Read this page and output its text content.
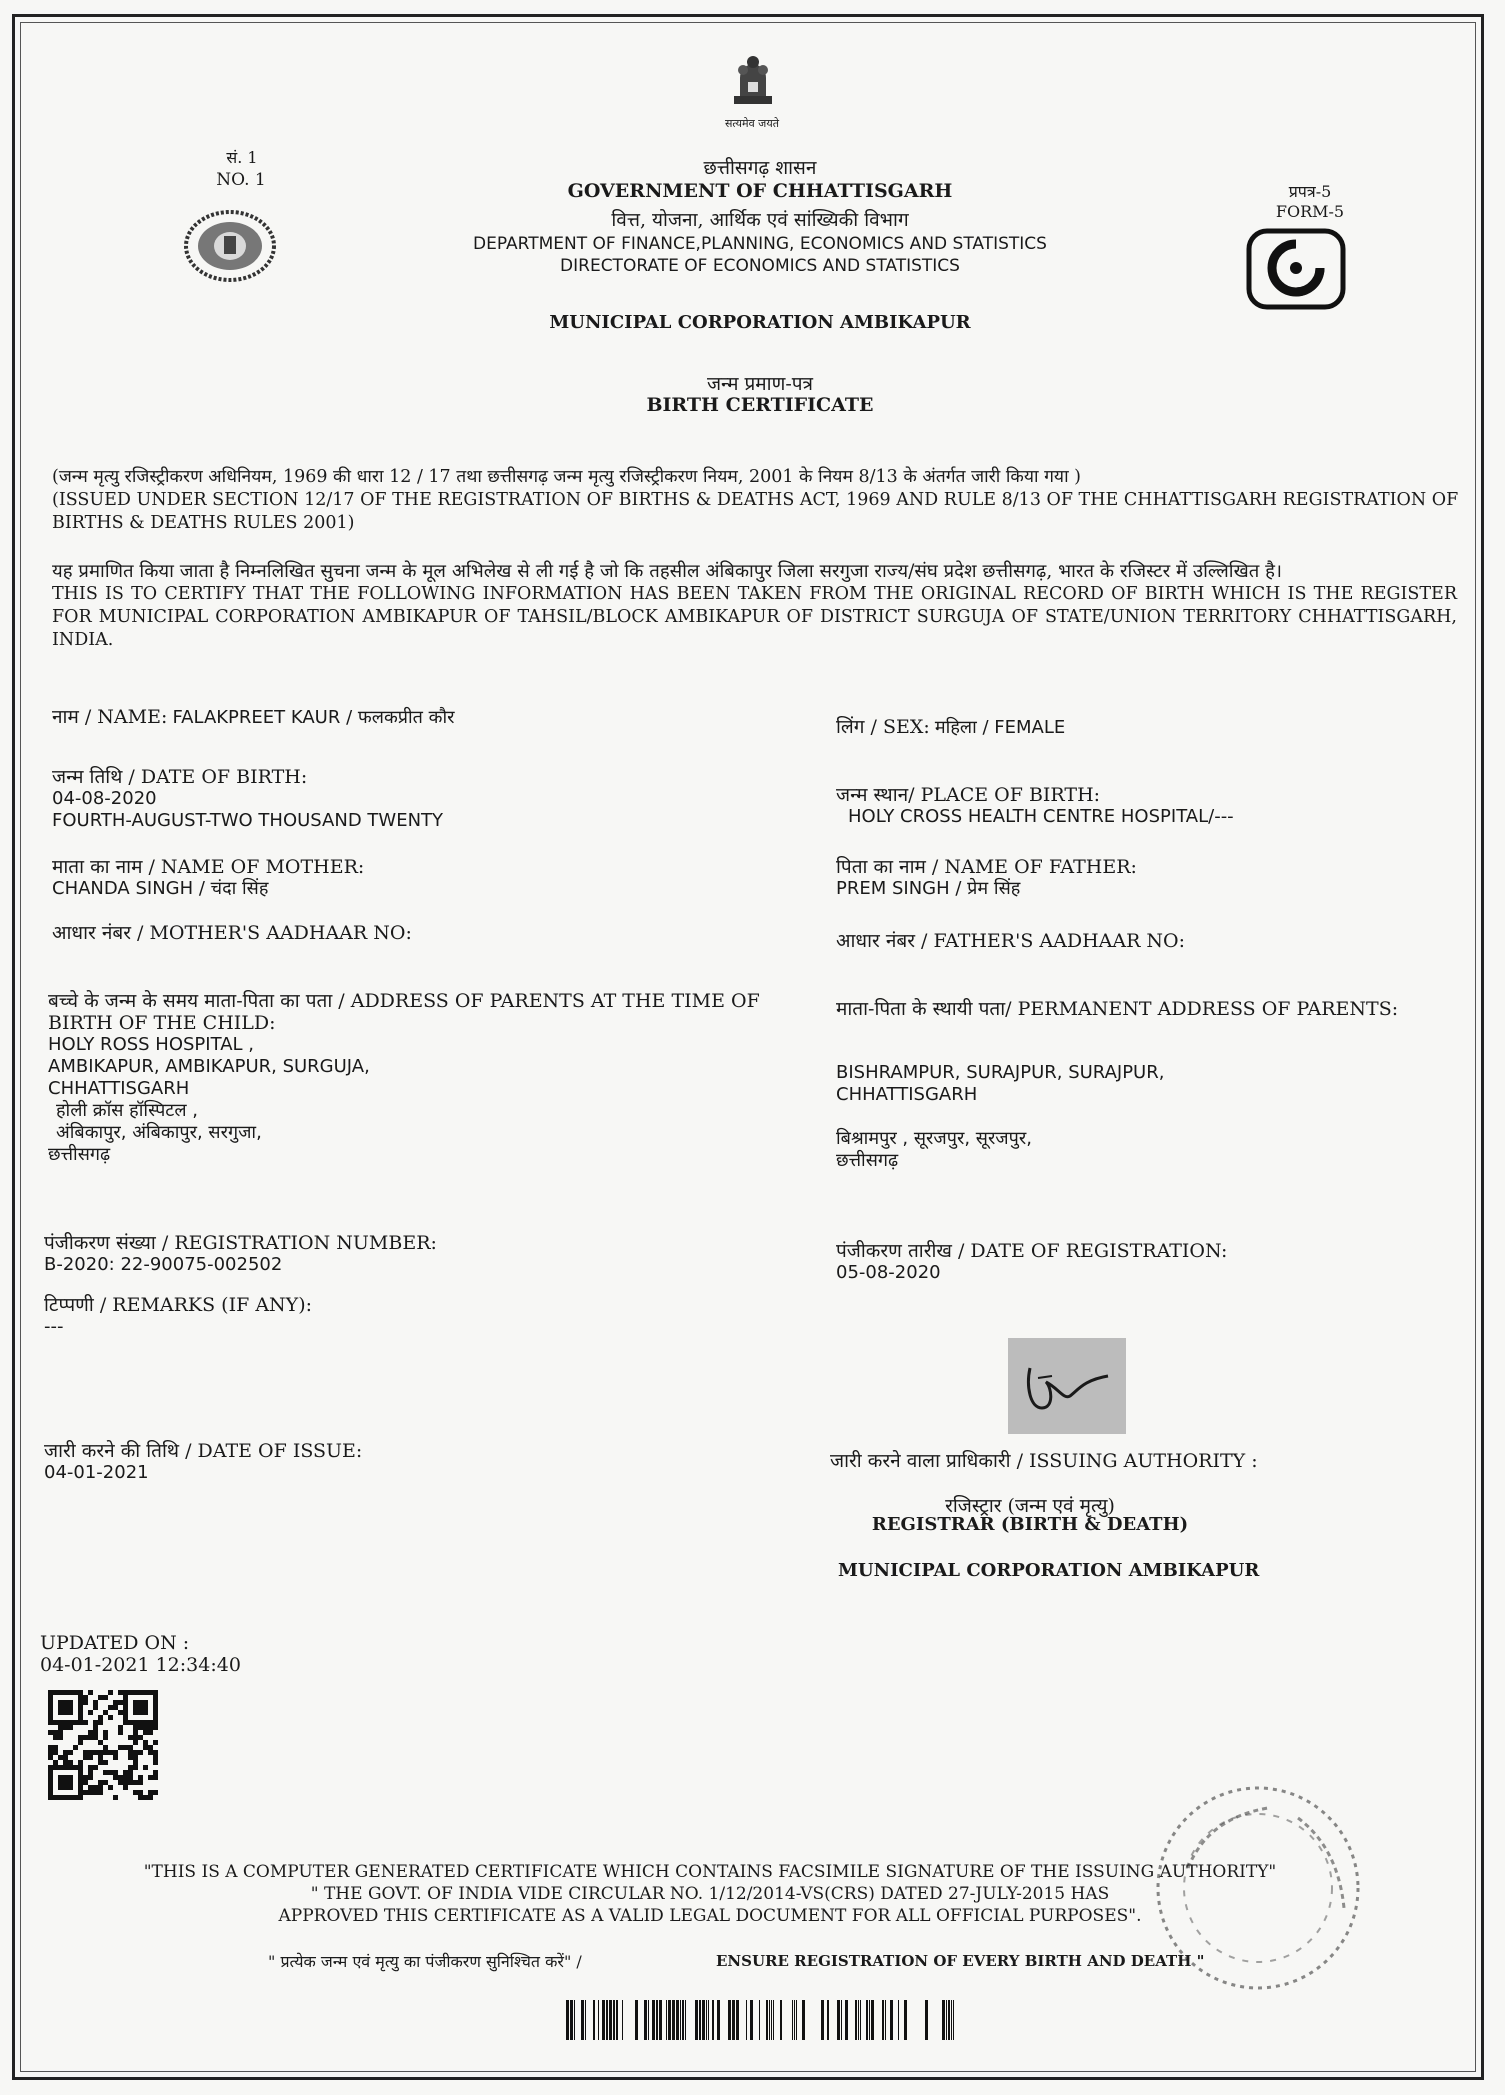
सत्यमेव जयते
सं. 1
NO. 1
छत्तीसगढ़ शासन
GOVERNMENT OF CHHATTISGARH
वित्त, योजना, आर्थिक एवं सांख्यिकी विभाग
DEPARTMENT OF FINANCE,PLANNING, ECONOMICS AND STATISTICS
DIRECTORATE OF ECONOMICS AND STATISTICS
प्रपत्र-5
FORM-5
MUNICIPAL CORPORATION AMBIKAPUR
जन्म प्रमाण-पत्र
BIRTH CERTIFICATE
(जन्म मृत्यु रजिस्ट्रीकरण अधिनियम, 1969 की धारा 12 / 17 तथा छत्तीसगढ़ जन्म मृत्यु रजिस्ट्रीकरण नियम, 2001 के नियम 8/13 के अंतर्गत जारी किया गया )
(ISSUED UNDER SECTION 12/17 OF THE REGISTRATION OF BIRTHS & DEATHS ACT, 1969 AND RULE 8/13 OF THE CHHATTISGARH REGISTRATION OF
BIRTHS & DEATHS RULES 2001)
यह प्रमाणित किया जाता है निम्नलिखित सुचना जन्म के मूल अभिलेख से ली गई है जो कि तहसील अंबिकापुर जिला सरगुजा राज्य/संघ प्रदेश छत्तीसगढ़, भारत के रजिस्टर में उल्लिखित है।
THIS IS TO CERTIFY THAT THE FOLLOWING INFORMATION HAS BEEN TAKEN FROM THE ORIGINAL RECORD OF BIRTH WHICH IS THE REGISTER FOR MUNICIPAL CORPORATION AMBIKAPUR OF TAHSIL/BLOCK AMBIKAPUR OF DISTRICT SURGUJA OF STATE/UNION TERRITORY CHHATTISGARH, INDIA.
नाम / NAME: FALAKPREET KAUR / फलकप्रीत कौर	लिंग / SEX: महिला / FEMALE
जन्म तिथि / DATE OF BIRTH:
04-08-2020
FOURTH-AUGUST-TWO THOUSAND TWENTY
जन्म स्थान/ PLACE OF BIRTH:
HOLY CROSS HEALTH CENTRE HOSPITAL/---
माता का नाम / NAME OF MOTHER:
CHANDA SINGH / चंदा सिंह
पिता का नाम / NAME OF FATHER:
PREM SINGH / प्रेम सिंह
आधार नंबर / MOTHER'S AADHAAR NO:	आधार नंबर / FATHER'S AADHAAR NO:
बच्चे के जन्म के समय माता-पिता का पता / ADDRESS OF PARENTS AT THE TIME OF
BIRTH OF THE CHILD:
HOLY ROSS HOSPITAL ,
AMBIKAPUR, AMBIKAPUR, SURGUJA,
CHHATTISGARH
होली क्रॉस हॉस्पिटल ,
अंबिकापुर, अंबिकापुर, सरगुजा,
छत्तीसगढ़
माता-पिता के स्थायी पता/ PERMANENT ADDRESS OF PARENTS:
BISHRAMPUR, SURAJPUR, SURAJPUR,
CHHATTISGARH
बिश्रामपुर , सूरजपुर, सूरजपुर,
छत्तीसगढ़
पंजीकरण संख्या / REGISTRATION NUMBER:
B-2020: 22-90075-002502
पंजीकरण तारीख / DATE OF REGISTRATION:
05-08-2020
टिप्पणी / REMARKS (IF ANY):
---
जारी करने की तिथि / DATE OF ISSUE:
04-01-2021
जारी करने वाला प्राधिकारी / ISSUING AUTHORITY :
रजिस्ट्रार (जन्म एवं मृत्यु)
REGISTRAR (BIRTH & DEATH)
MUNICIPAL CORPORATION AMBIKAPUR
UPDATED ON :
04-01-2021 12:34:40
"THIS IS A COMPUTER GENERATED CERTIFICATE WHICH CONTAINS FACSIMILE SIGNATURE OF THE ISSUING AUTHORITY"
" THE GOVT. OF INDIA VIDE CIRCULAR NO. 1/12/2014-VS(CRS) DATED 27-JULY-2015 HAS
APPROVED THIS CERTIFICATE AS A VALID LEGAL DOCUMENT FOR ALL OFFICIAL PURPOSES".
" प्रत्येक जन्म एवं मृत्यु का पंजीकरण सुनिश्चित करें" /	ENSURE REGISTRATION OF EVERY BIRTH AND DEATH "
